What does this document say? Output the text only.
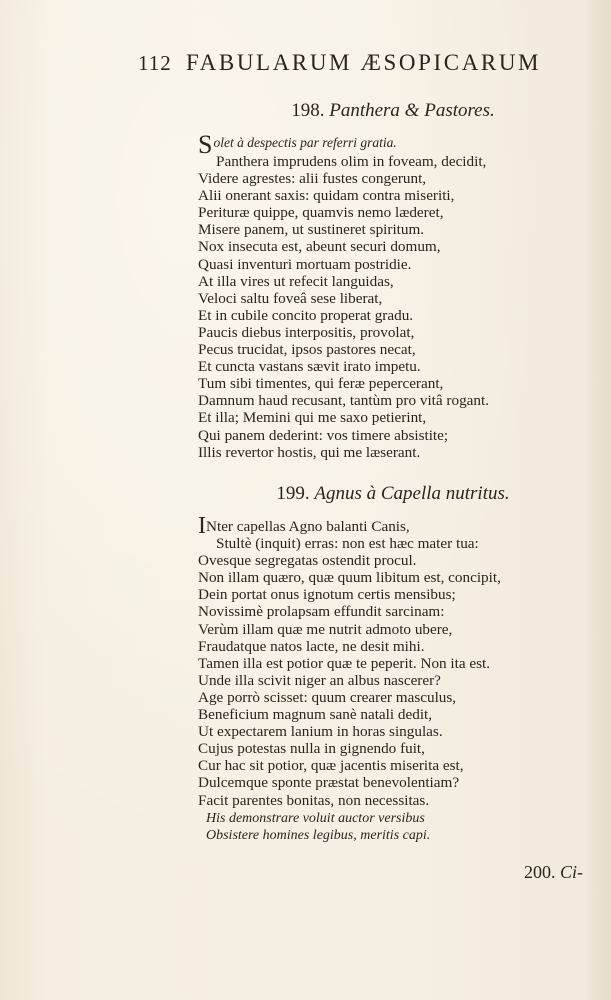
112 FABULARUM ÆSOPICARUM
198. Panthera & Pastores.
Solet à despectis par referri gratia.
Panthera imprudens olim in foveam, decidit,
Videre agrestes: alii fustes congerunt,
Alii onerant saxis: quidam contra miseriti,
Perituræ quippe, quamvis nemo læderet,
Misere panem, ut sustineret spiritum.
Nox insecuta est, abeunt securi domum,
Quasi inventuri mortuam postridie.
At illa vires ut refecit languidas,
Veloci saltu foveâ sese liberat,
Et in cubile concito properat gradu.
Paucis diebus interpositis, provolat,
Pecus trucidat, ipsos pastores necat,
Et cuncta vastans sævit irato impetu.
Tum sibi timentes, qui feræ pepercerant,
Damnum haud recusant, tantùm pro vitâ rogant.
Et illa; Memini qui me saxo petierint,
Qui panem dederint: vos timere absistite;
Illis revertor hostis, qui me læserant.
199. Agnus à Capella nutritus.
INter capellas Agno balanti Canis,
Stultè (inquit) erras: non est hæc mater tua:
Ovesque segregatas ostendit procul.
Non illam quæro, quæ quum libitum est, concipit,
Dein portat onus ignotum certis mensibus;
Novissimè prolapsam effundit sarcinam:
Verùm illam quæ me nutrit admoto ubere,
Fraudatque natos lacte, ne desit mihi.
Tamen illa est potior quæ te peperit. Non ita est.
Unde illa scivit niger an albus nascerer?
Age porrò scisset: quum crearer masculus,
Beneficium magnum sanè natali dedit,
Ut expectarem lanium in horas singulas.
Cujus potestas nulla in gignendo fuit,
Cur hac sit potior, quæ jacentis miserita est,
Dulcemque sponte præstat benevolentiam?
Facit parentes bonitas, non necessitas.
His demonstrare voluit auctor versibus
Obsistere homines legibus, meritis capi.
200. Ci-
